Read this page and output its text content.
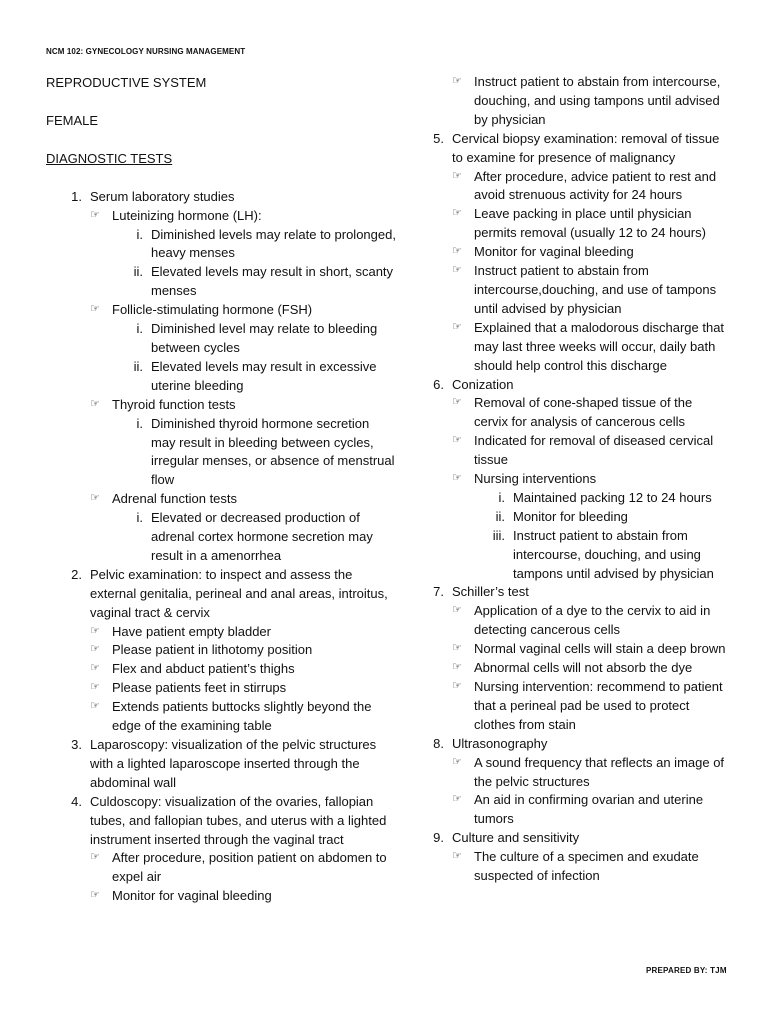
NCM 102: GYNECOLOGY NURSING MANAGEMENT
REPRODUCTIVE SYSTEM
FEMALE
DIAGNOSTIC TESTS
1. Serum laboratory studies
☞ Luteinizing hormone (LH):
i. Diminished levels may relate to prolonged, heavy menses
ii. Elevated levels may result in short, scanty menses
☞ Follicle-stimulating hormone (FSH)
i. Diminished level may relate to bleeding between cycles
ii. Elevated levels may result in excessive uterine bleeding
☞ Thyroid function tests
i. Diminished thyroid hormone secretion may result in bleeding between cycles, irregular menses, or absence of menstrual flow
☞ Adrenal function tests
i. Elevated or decreased production of adrenal cortex hormone secretion may result in a amenorrhea
2. Pelvic examination: to inspect and assess the external genitalia, perineal and anal areas, introitus, vaginal tract & cervix
☞ Have patient empty bladder
☞ Please patient in lithotomy position
☞ Flex and abduct patient’s thighs
☞ Please patients feet in stirrups
☞ Extends patients buttocks slightly beyond the edge of the examining table
3. Laparoscopy: visualization of the pelvic structures with a lighted laparoscope inserted through the abdominal wall
4. Culdoscopy: visualization of the ovaries, fallopian tubes, and fallopian tubes, and uterus with a lighted instrument inserted through the vaginal tract
☞ After procedure, position patient on abdomen to expel air
☞ Monitor for vaginal bleeding
☞ Instruct patient to abstain from intercourse, douching, and using tampons until advised by physician
5. Cervical biopsy examination: removal of tissue to examine for presence of malignancy
☞ After procedure, advice patient to rest and avoid strenuous activity for 24 hours
☞ Leave packing in place until physician permits removal (usually 12 to 24 hours)
☞ Monitor for vaginal bleeding
☞ Instruct patient to abstain from intercourse,douching, and use of tampons until advised by physician
☞ Explained that a malodorous discharge that may last three weeks will occur, daily bath should help control this discharge
6. Conization
☞ Removal of cone-shaped tissue of the cervix for analysis of cancerous cells
☞ Indicated for removal of diseased cervical tissue
☞ Nursing interventions
i. Maintained packing 12 to 24 hours
ii. Monitor for bleeding
iii. Instruct patient to abstain from intercourse, douching, and using tampons until advised by physician
7. Schiller’s test
☞ Application of a dye to the cervix to aid in detecting cancerous cells
☞ Normal vaginal cells will stain a deep brown
☞ Abnormal cells will not absorb the dye
☞ Nursing intervention: recommend to patient that a perineal pad be used to protect clothes from stain
8. Ultrasonography
☞ A sound frequency that reflects an image of the pelvic structures
☞ An aid in confirming ovarian and uterine tumors
9. Culture and sensitivity
☞ The culture of a specimen and exudate suspected of infection
PREPARED BY: TJM
